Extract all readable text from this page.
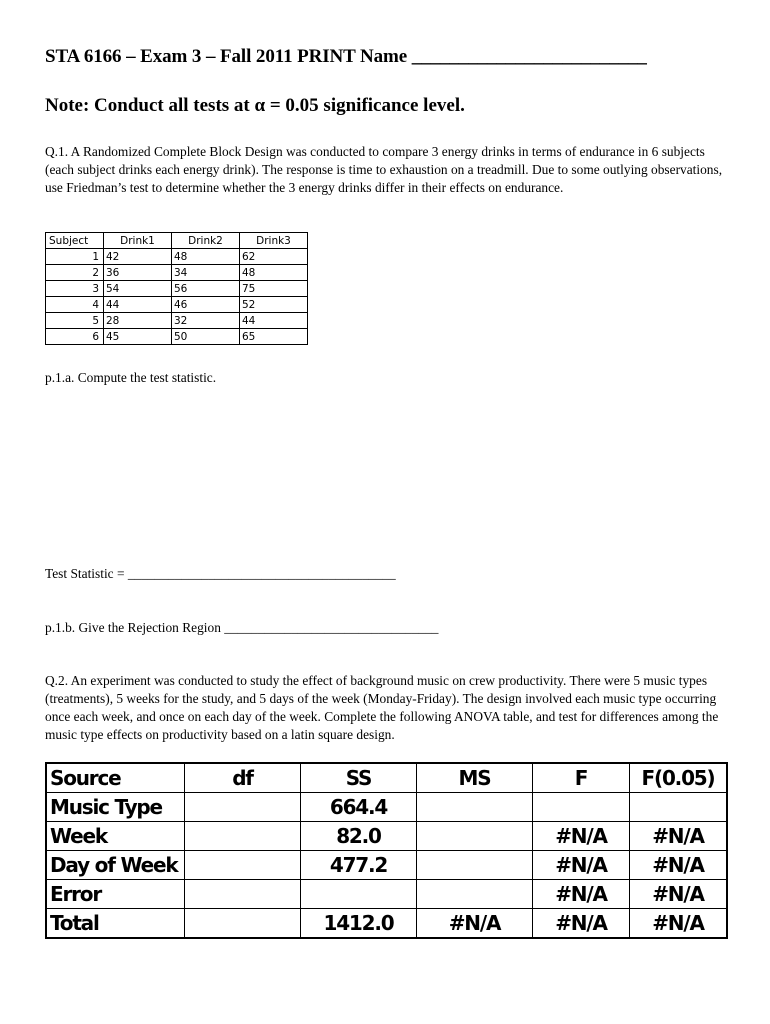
STA 6166 – Exam 3 – Fall 2011 PRINT Name _________________________
Note: Conduct all tests at α = 0.05 significance level.
Q.1. A Randomized Complete Block Design was conducted to compare 3 energy drinks in terms of endurance in 6 subjects (each subject drinks each energy drink). The response is time to exhaustion on a treadmill. Due to some outlying observations, use Friedman’s test to determine whether the 3 energy drinks differ in their effects on endurance.
Subject	Drink1	Drink2	Drink3
1	42	48	62
2	36	34	48
3	54	56	75
4	44	46	52
5	28	32	44
6	45	50	65
p.1.a. Compute the test statistic.
Test Statistic = ________________________________________
p.1.b. Give the Rejection Region ________________________________
Q.2. An experiment was conducted to study the effect of background music on crew productivity. There were 5 music types (treatments), 5 weeks for the study, and 5 days of the week (Monday-Friday). The design involved each music type occurring once each week, and once on each day of the week. Complete the following ANOVA table, and test for differences among the music type effects on productivity based on a latin square design.
Source	df	SS	MS	F	F(0.05)
Music Type		664.4			
Week		82.0		#N/A	#N/A
Day of Week		477.2		#N/A	#N/A
Error				#N/A	#N/A
Total		1412.0	#N/A	#N/A	#N/A
